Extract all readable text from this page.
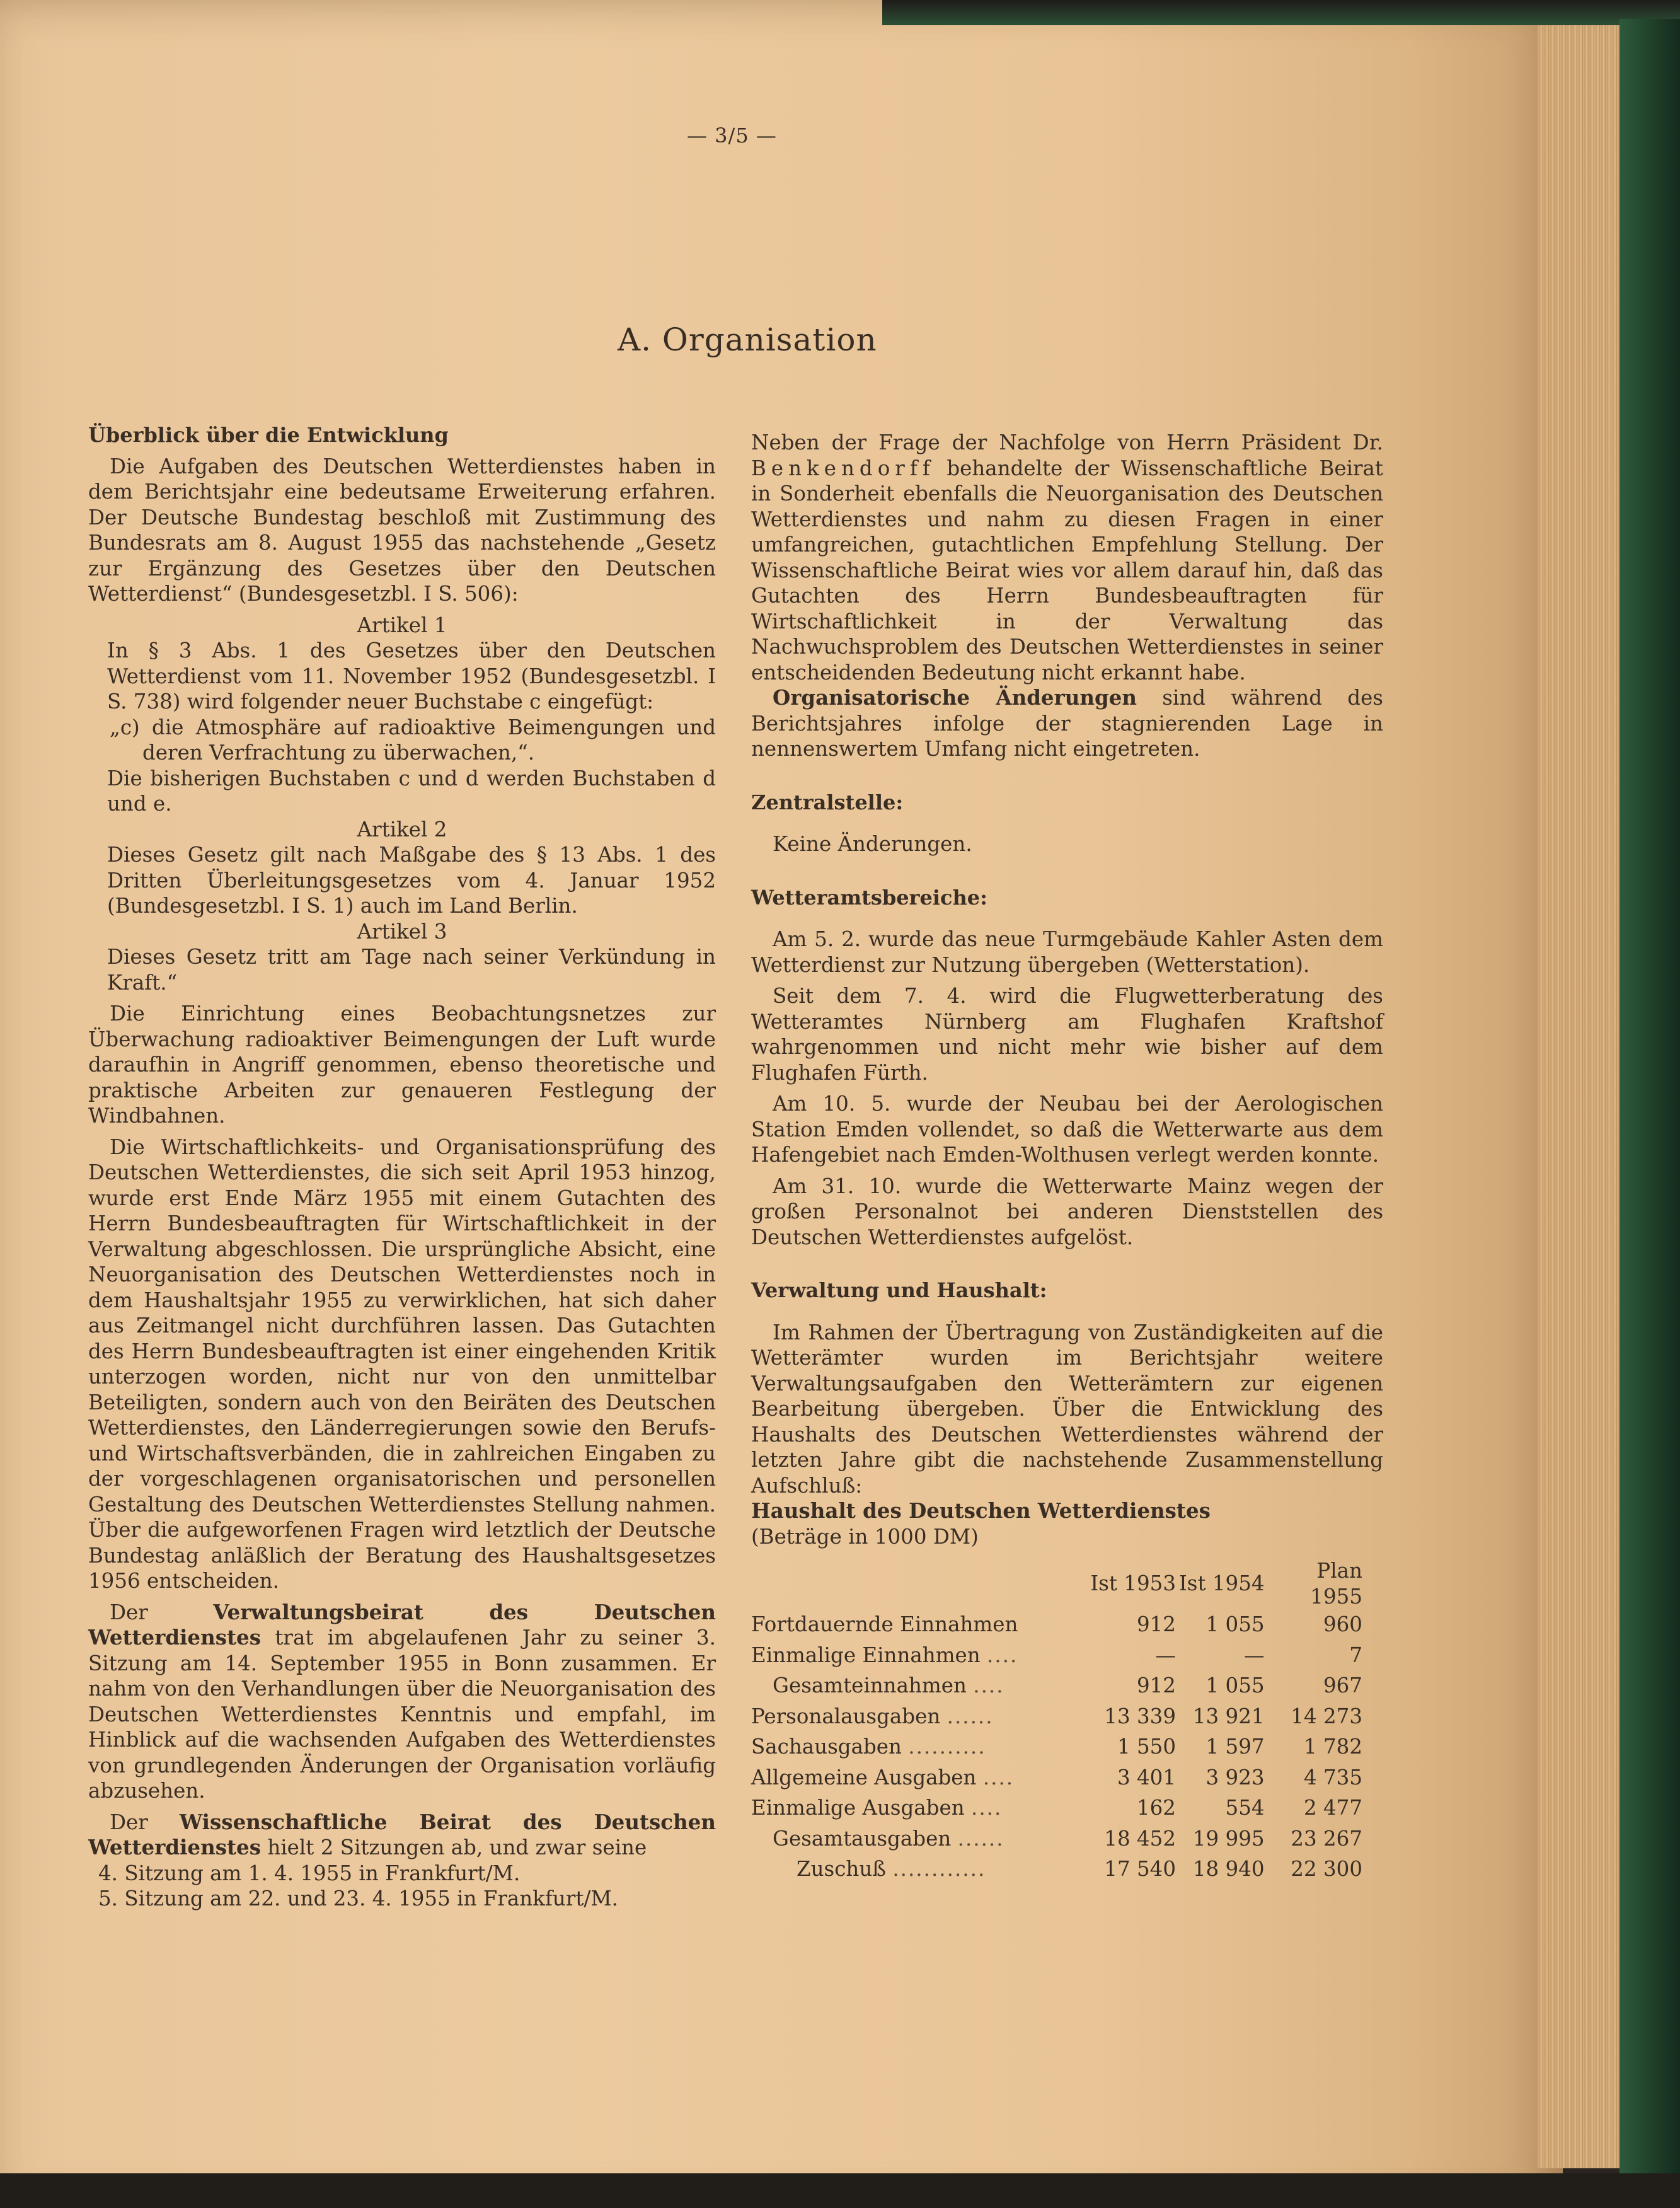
— 3/5 —
A. Organisation

Überblick über die Entwicklung

Die Aufgaben des Deutschen Wetterdienstes haben in dem Berichtsjahr eine bedeutsame Erweiterung erfahren. Der Deutsche Bundestag beschloß mit Zustimmung des Bundesrats am 8. August 1955 das nachstehende „Gesetz zur Ergänzung des Gesetzes über den Deutschen Wetterdienst“ (Bundesgesetzbl. I S. 506):

Artikel 1

In § 3 Abs. 1 des Gesetzes über den Deutschen Wetterdienst vom 11. November 1952 (Bundesgesetzbl. I S. 738) wird folgender neuer Buchstabe c eingefügt:

„c) die Atmosphäre auf radioaktive Beimengungen und deren Verfrachtung zu überwachen,“.

Die bisherigen Buchstaben c und d werden Buchstaben d und e.

Artikel 2

Dieses Gesetz gilt nach Maßgabe des § 13 Abs. 1 des Dritten Überleitungsgesetzes vom 4. Januar 1952 (Bundesgesetzbl. I S. 1) auch im Land Berlin.

Artikel 3

Dieses Gesetz tritt am Tage nach seiner Verkündung in Kraft.“

Die Einrichtung eines Beobachtungsnetzes zur Überwachung radioaktiver Beimengungen der Luft wurde daraufhin in Angriff genommen, ebenso theoretische und praktische Arbeiten zur genaueren Festlegung der Windbahnen.

Die Wirtschaftlichkeits- und Organisationsprüfung des Deutschen Wetterdienstes, die sich seit April 1953 hinzog, wurde erst Ende März 1955 mit einem Gutachten des Herrn Bundesbeauftragten für Wirtschaftlichkeit in der Verwaltung abgeschlossen. Die ursprüngliche Absicht, eine Neuorganisation des Deutschen Wetterdienstes noch in dem Haushaltsjahr 1955 zu verwirklichen, hat sich daher aus Zeitmangel nicht durchführen lassen. Das Gutachten des Herrn Bundesbeauftragten ist einer eingehenden Kritik unterzogen worden, nicht nur von den unmittelbar Beteiligten, sondern auch von den Beiräten des Deutschen Wetterdienstes, den Länderregierungen sowie den Berufs- und Wirtschaftsverbänden, die in zahlreichen Eingaben zu der vorgeschlagenen organisatorischen und personellen Gestaltung des Deutschen Wetterdienstes Stellung nahmen. Über die aufgeworfenen Fragen wird letztlich der Deutsche Bundestag anläßlich der Beratung des Haushaltsgesetzes 1956 entscheiden.

Der Verwaltungsbeirat des Deutschen Wetterdienstes trat im abgelaufenen Jahr zu seiner 3. Sitzung am 14. September 1955 in Bonn zusammen. Er nahm von den Verhandlungen über die Neuorganisation des Deutschen Wetterdienstes Kenntnis und empfahl, im Hinblick auf die wachsenden Aufgaben des Wetterdienstes von grundlegenden Änderungen der Organisation vorläufig abzusehen.

Der Wissenschaftliche Beirat des Deutschen Wetterdienstes hielt 2 Sitzungen ab, und zwar seine

4. Sitzung am 1. 4. 1955 in Frankfurt/M.

5. Sitzung am 22. und 23. 4. 1955 in Frankfurt/M.

Neben der Frage der Nachfolge von Herrn Präsident Dr. Benkendorff behandelte der Wissenschaftliche Beirat in Sonderheit ebenfalls die Neuorganisation des Deutschen Wetterdienstes und nahm zu diesen Fragen in einer umfangreichen, gutachtlichen Empfehlung Stellung. Der Wissenschaftliche Beirat wies vor allem darauf hin, daß das Gutachten des Herrn Bundesbeauftragten für Wirtschaftlichkeit in der Verwaltung das Nachwuchsproblem des Deutschen Wetterdienstes in seiner entscheidenden Bedeutung nicht erkannt habe.

Organisatorische Änderungen sind während des Berichtsjahres infolge der stagnierenden Lage in nennenswertem Umfang nicht eingetreten.

Zentralstelle:

Keine Änderungen.

Wetteramtsbereiche:

Am 5. 2. wurde das neue Turmgebäude Kahler Asten dem Wetterdienst zur Nutzung übergeben (Wetterstation).

Seit dem 7. 4. wird die Flugwetterberatung des Wetteramtes Nürnberg am Flughafen Kraftshof wahrgenommen und nicht mehr wie bisher auf dem Flughafen Fürth.

Am 10. 5. wurde der Neubau bei der Aerologischen Station Emden vollendet, so daß die Wetterwarte aus dem Hafengebiet nach Emden-Wolthusen verlegt werden konnte.

Am 31. 10. wurde die Wetterwarte Mainz wegen der großen Personalnot bei anderen Dienststellen des Deutschen Wetterdienstes aufgelöst.

Verwaltung und Haushalt:

Im Rahmen der Übertragung von Zuständigkeiten auf die Wetterämter wurden im Berichtsjahr weitere Verwaltungsaufgaben den Wetterämtern zur eigenen Bearbeitung übergeben. Über die Entwicklung des Haushalts des Deutschen Wetterdienstes während der letzten Jahre gibt die nachstehende Zusammenstellung Aufschluß:

Haushalt des Deutschen Wetterdienstes

(Beträge in 1000 DM)

	Ist 1953	Ist 1954	Plan 1955
Fortdauernde Einnahmen	912	1 055	960
Einmalige Einnahmen ....	—	—	7
Gesamteinnahmen ....	912	1 055	967
Personalausgaben ......	13 339	13 921	14 273
Sachausgaben ..........	1 550	1 597	1 782
Allgemeine Ausgaben ....	3 401	3 923	4 735
Einmalige Ausgaben ....	162	554	2 477
Gesamtausgaben ......	18 452	19 995	23 267
Zuschuß ............	17 540	18 940	22 300
